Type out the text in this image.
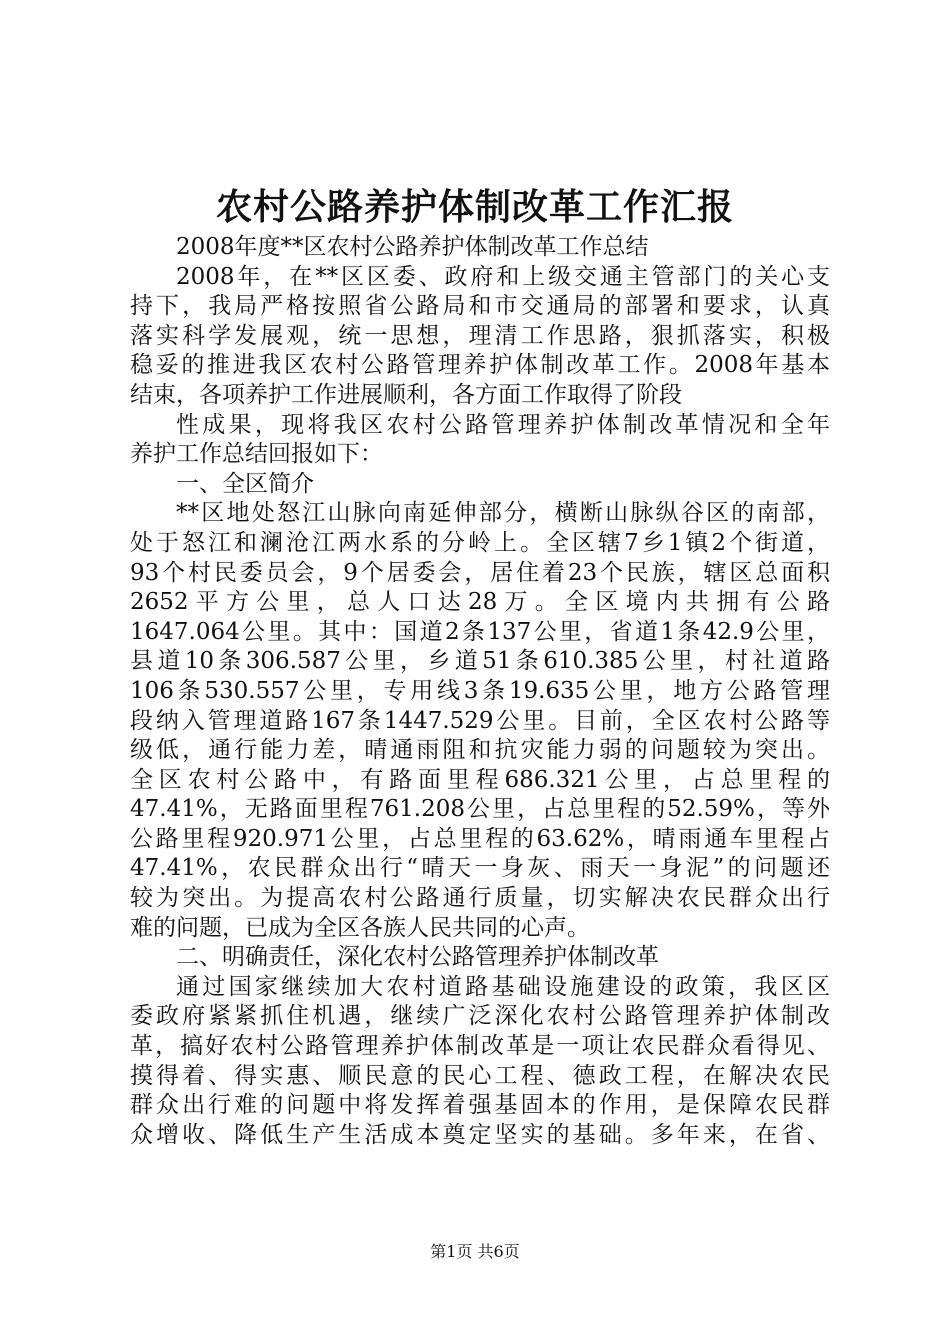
农村公路养护体制改革工作汇报
2008年度**区农村公路养护体制改革工作总结
2008年，在**区区委、政府和上级交通主管部门的关心支
持下，我局严格按照省公路局和市交通局的部署和要求，认真
落实科学发展观，统一思想，理清工作思路，狠抓落实，积极
稳妥的推进我区农村公路管理养护体制改革工作。2008年基本
结束，各项养护工作进展顺利，各方面工作取得了阶段
性成果，现将我区农村公路管理养护体制改革情况和全年
养护工作总结回报如下：
一、全区简介
**区地处怒江山脉向南延伸部分，横断山脉纵谷区的南部，
处于怒江和澜沧江两水系的分岭上。全区辖7乡1镇2个街道，
93个村民委员会，9个居委会，居住着23个民族，辖区总面积
2652平方公里，总人口达28万。全区境内共拥有公路
1647.064公里。其中：国道2条137公里，省道1条42.9公里，
县道10条306.587公里，乡道51条610.385公里，村社道路
106条530.557公里，专用线3条19.635公里，地方公路管理
段纳入管理道路167条1447.529公里。目前，全区农村公路等
级低，通行能力差，晴通雨阻和抗灾能力弱的问题较为突出。
全区农村公路中，有路面里程686.321公里，占总里程的
47.41%，无路面里程761.208公里，占总里程的52.59%，等外
公路里程920.971公里，占总里程的63.62%，晴雨通车里程占
47.41%，农民群众出行“晴天一身灰、雨天一身泥”的问题还
较为突出。为提高农村公路通行质量，切实解决农民群众出行
难的问题，已成为全区各族人民共同的心声。
二、明确责任，深化农村公路管理养护体制改革
通过国家继续加大农村道路基础设施建设的政策，我区区
委政府紧紧抓住机遇，继续广泛深化农村公路管理养护体制改
革，搞好农村公路管理养护体制改革是一项让农民群众看得见、
摸得着、得实惠、顺民意的民心工程、德政工程，在解决农民
群众出行难的问题中将发挥着强基固本的作用，是保障农民群
众增收、降低生产生活成本奠定坚实的基础。多年来，在省、
第1页 共6页
